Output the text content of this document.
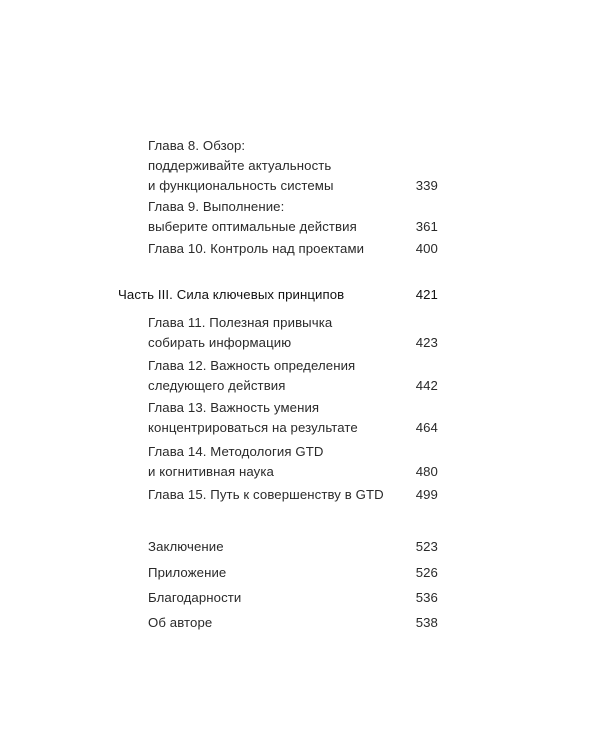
Глава 8. Обзор:
поддерживайте актуальность
и функциональность системы	339
Глава 9. Выполнение:
выберите оптимальные действия	361
Глава 10. Контроль над проектами	400
Часть III. Сила ключевых принципов	421
Глава 11. Полезная привычка
собирать информацию	423
Глава 12. Важность определения
следующего действия	442
Глава 13. Важность умения
концентрироваться на результате	464
Глава 14. Методология GTD
и когнитивная наука	480
Глава 15. Путь к совершенству в GTD	499
Заключение	523
Приложение	526
Благодарности	536
Об авторе	538
